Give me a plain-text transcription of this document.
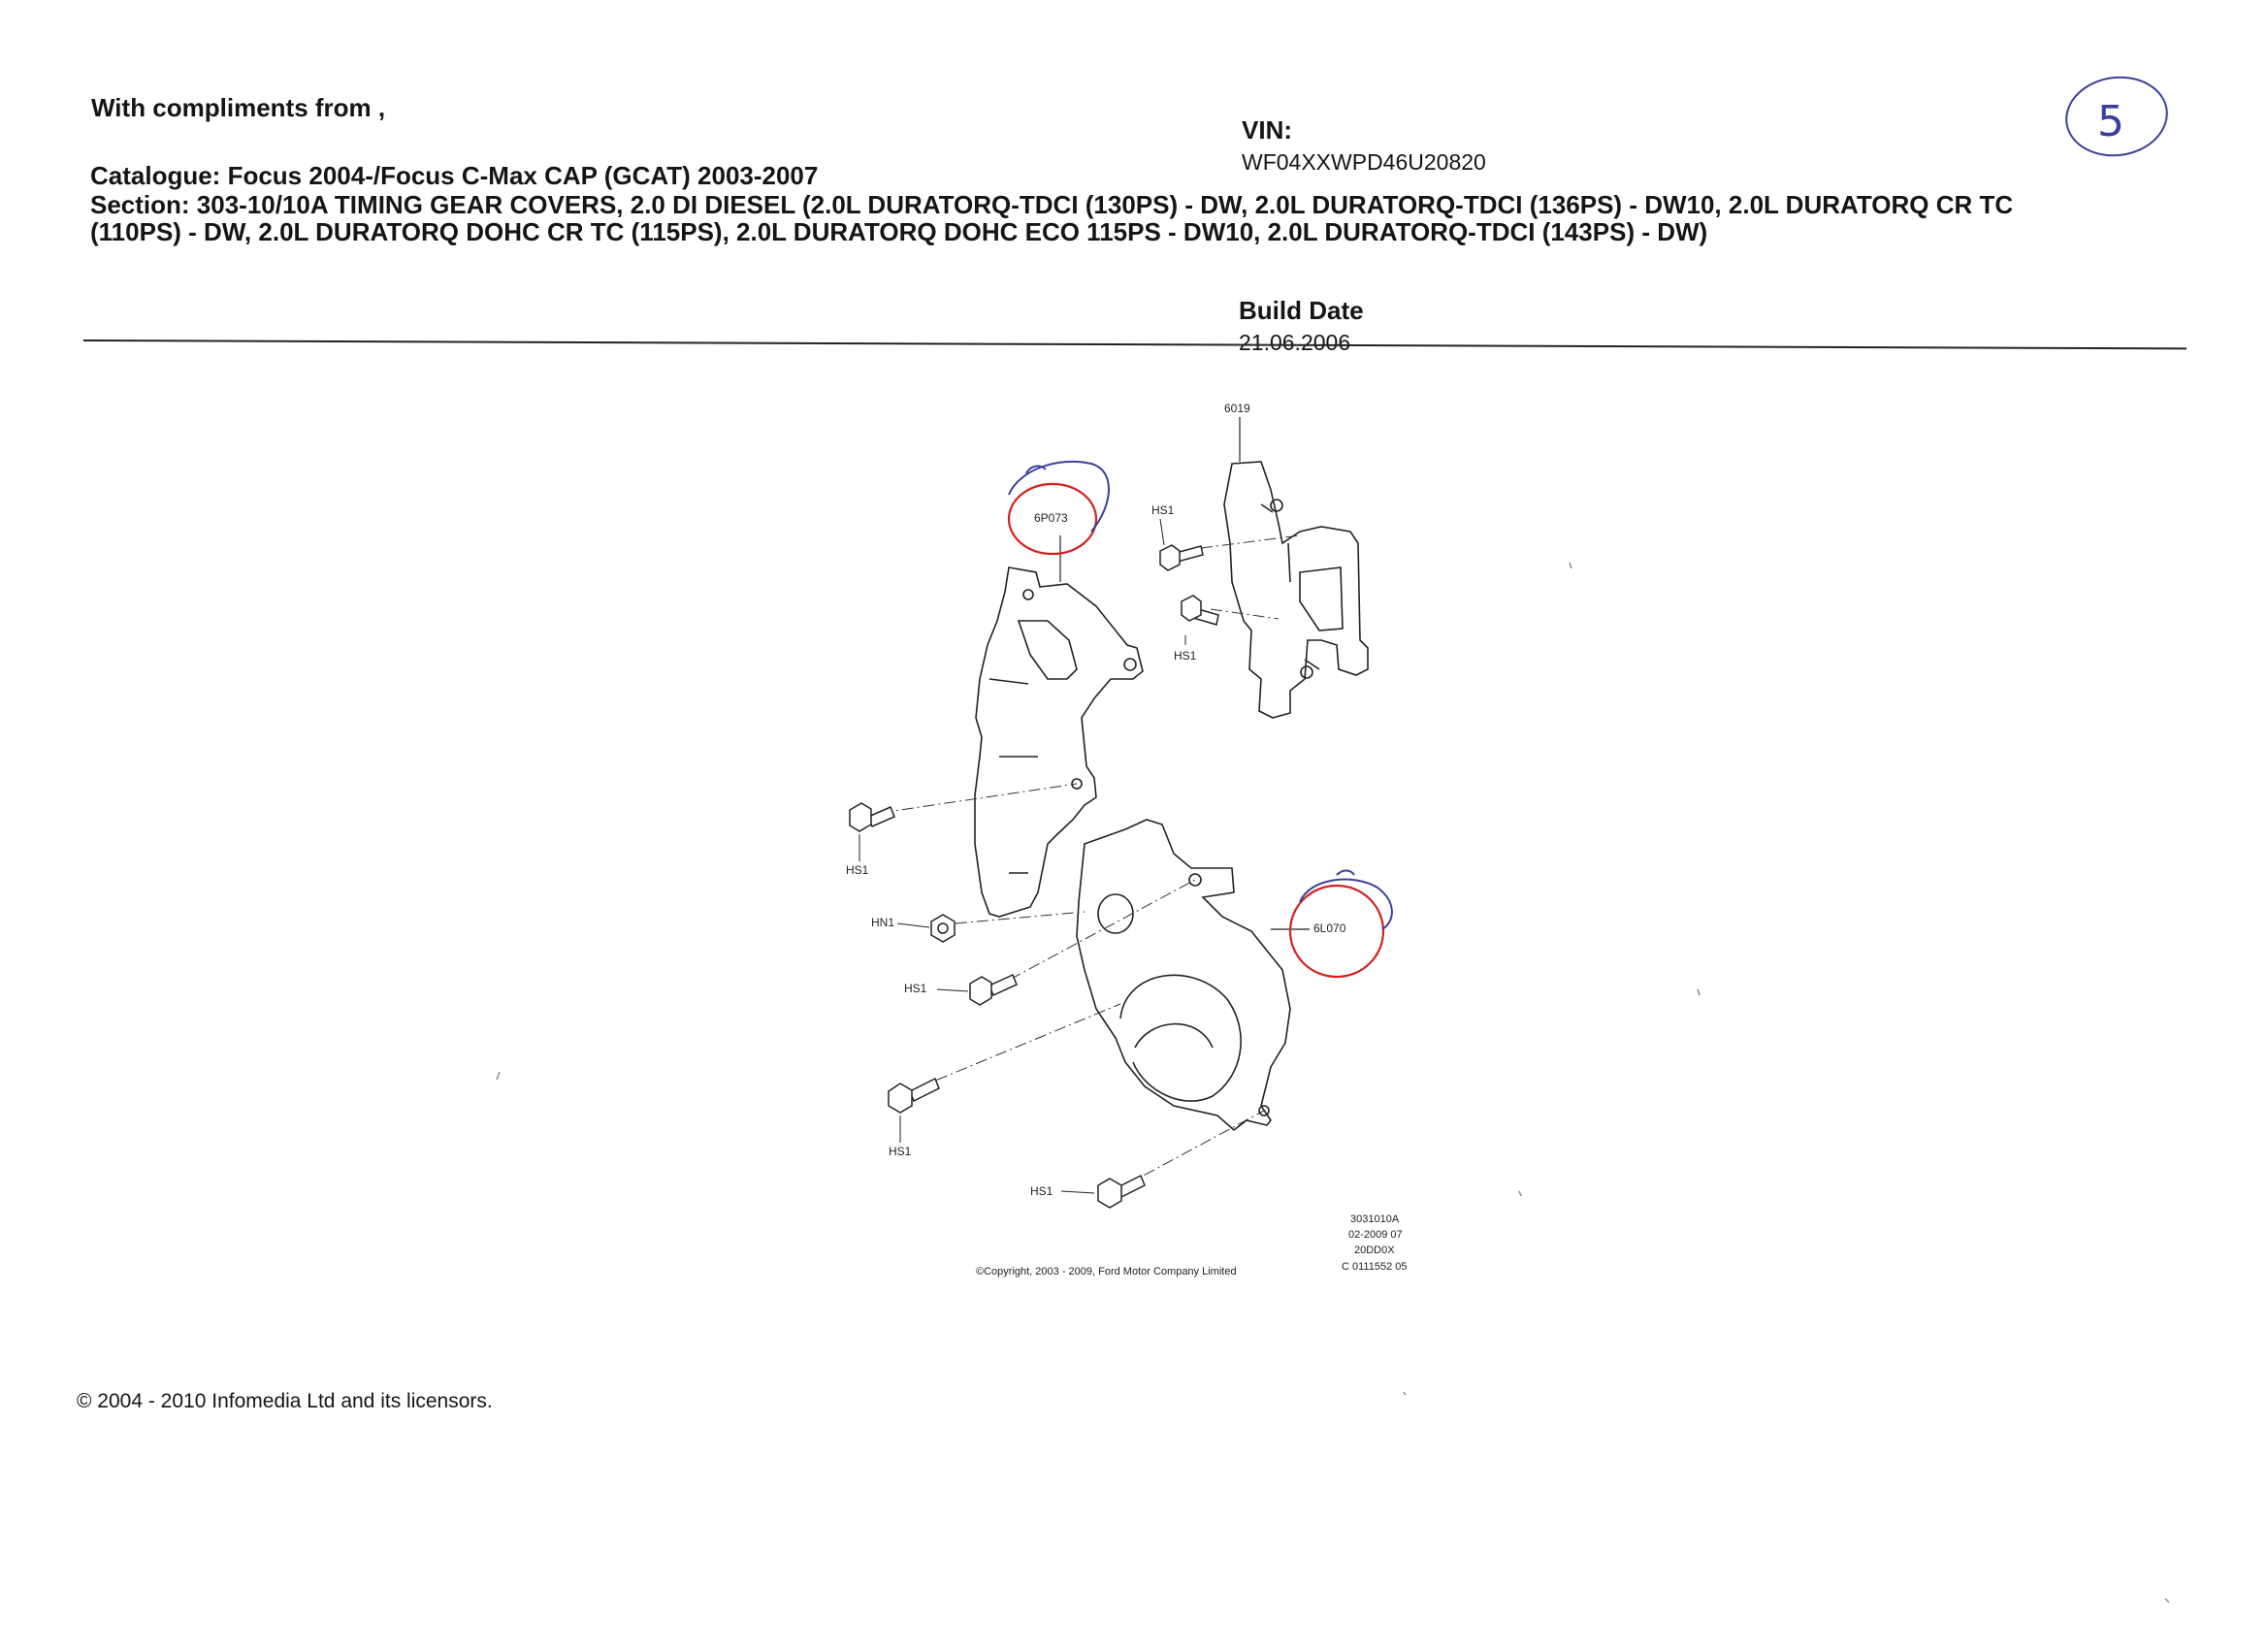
With compliments from ,
Catalogue: Focus 2004-/Focus C-Max CAP (GCAT) 2003-2007
Section: 303-10/10A TIMING GEAR COVERS, 2.0 DI DIESEL (2.0L DURATORQ-TDCI (130PS) - DW, 2.0L DURATORQ-TDCI (136PS) - DW10, 2.0L DURATORQ CR TC
(110PS) - DW, 2.0L DURATORQ DOHC CR TC (115PS), 2.0L DURATORQ DOHC ECO 115PS - DW10, 2.0L DURATORQ-TDCI (143PS) - DW)
VIN:
WF04XXWPD46U20820
Build Date
21.06.2006
6019
6P073
6L070
HS1
HS1
HS1
HN1
HS1
HS1
HS1
3031010A
02-2009 07
20DD0X
C 0111552 05
©Copyright, 2003 - 2009, Ford Motor Company Limited
5
© 2004 - 2010 Infomedia Ltd and its licensors.
